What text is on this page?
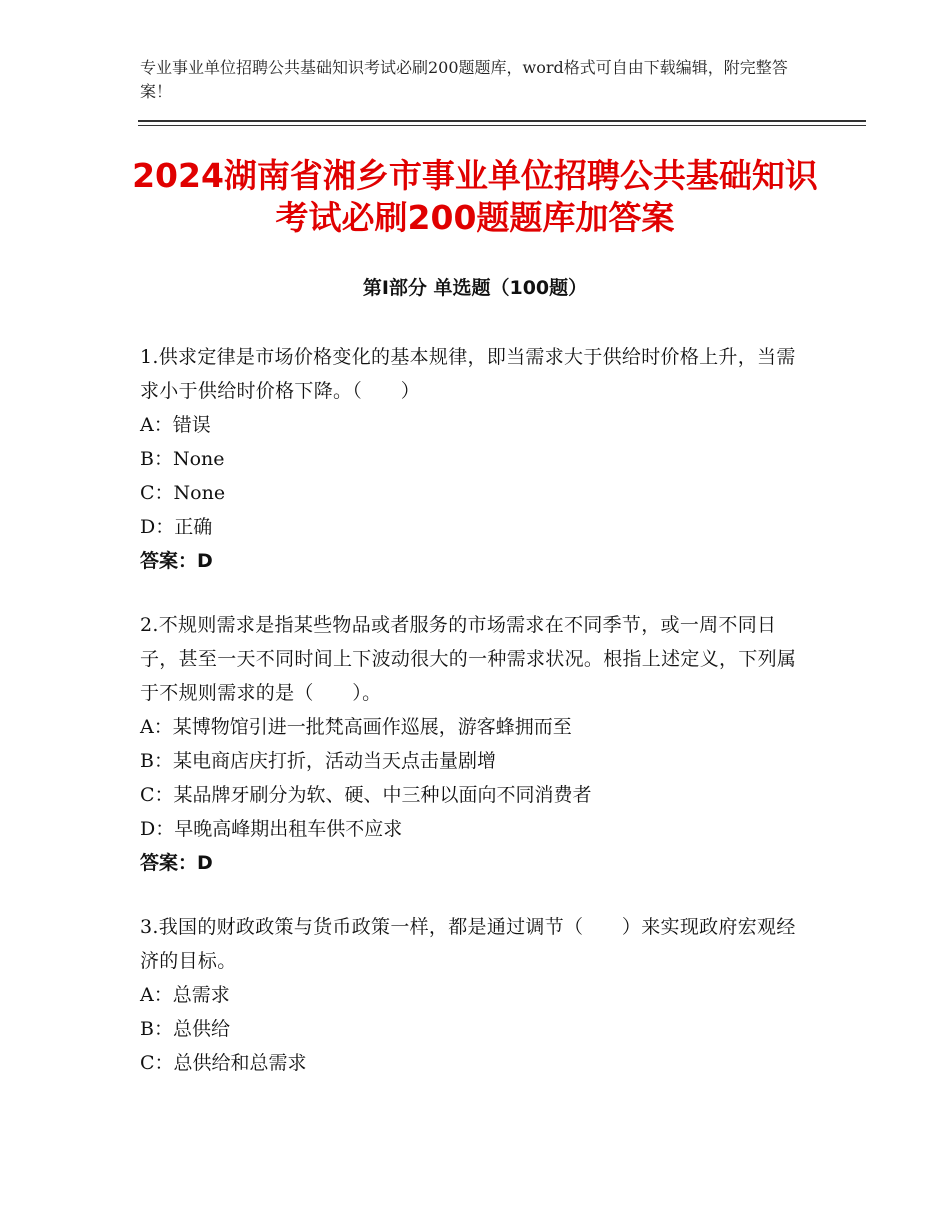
专业事业单位招聘公共基础知识考试必刷200题题库，word格式可自由下载编辑，附完整答案！
2024湖南省湘乡市事业单位招聘公共基础知识考试必刷200题题库加答案
第Ⅰ部分 单选题（100题）
1.供求定律是市场价格变化的基本规律，即当需求大于供给时价格上升，当需求小于供给时价格下降。（　　）
A：错误
B：None
C：None
D：正确
答案：D
2.不规则需求是指某些物品或者服务的市场需求在不同季节，或一周不同日子，甚至一天不同时间上下波动很大的一种需求状况。根指上述定义，下列属于不规则需求的是（　　）。
A：某博物馆引进一批梵高画作巡展，游客蜂拥而至
B：某电商店庆打折，活动当天点击量剧增
C：某品牌牙刷分为软、硬、中三种以面向不同消费者
D：早晚高峰期出租车供不应求
答案：D
3.我国的财政政策与货币政策一样，都是通过调节（　　）来实现政府宏观经济的目标。
A：总需求
B：总供给
C：总供给和总需求
